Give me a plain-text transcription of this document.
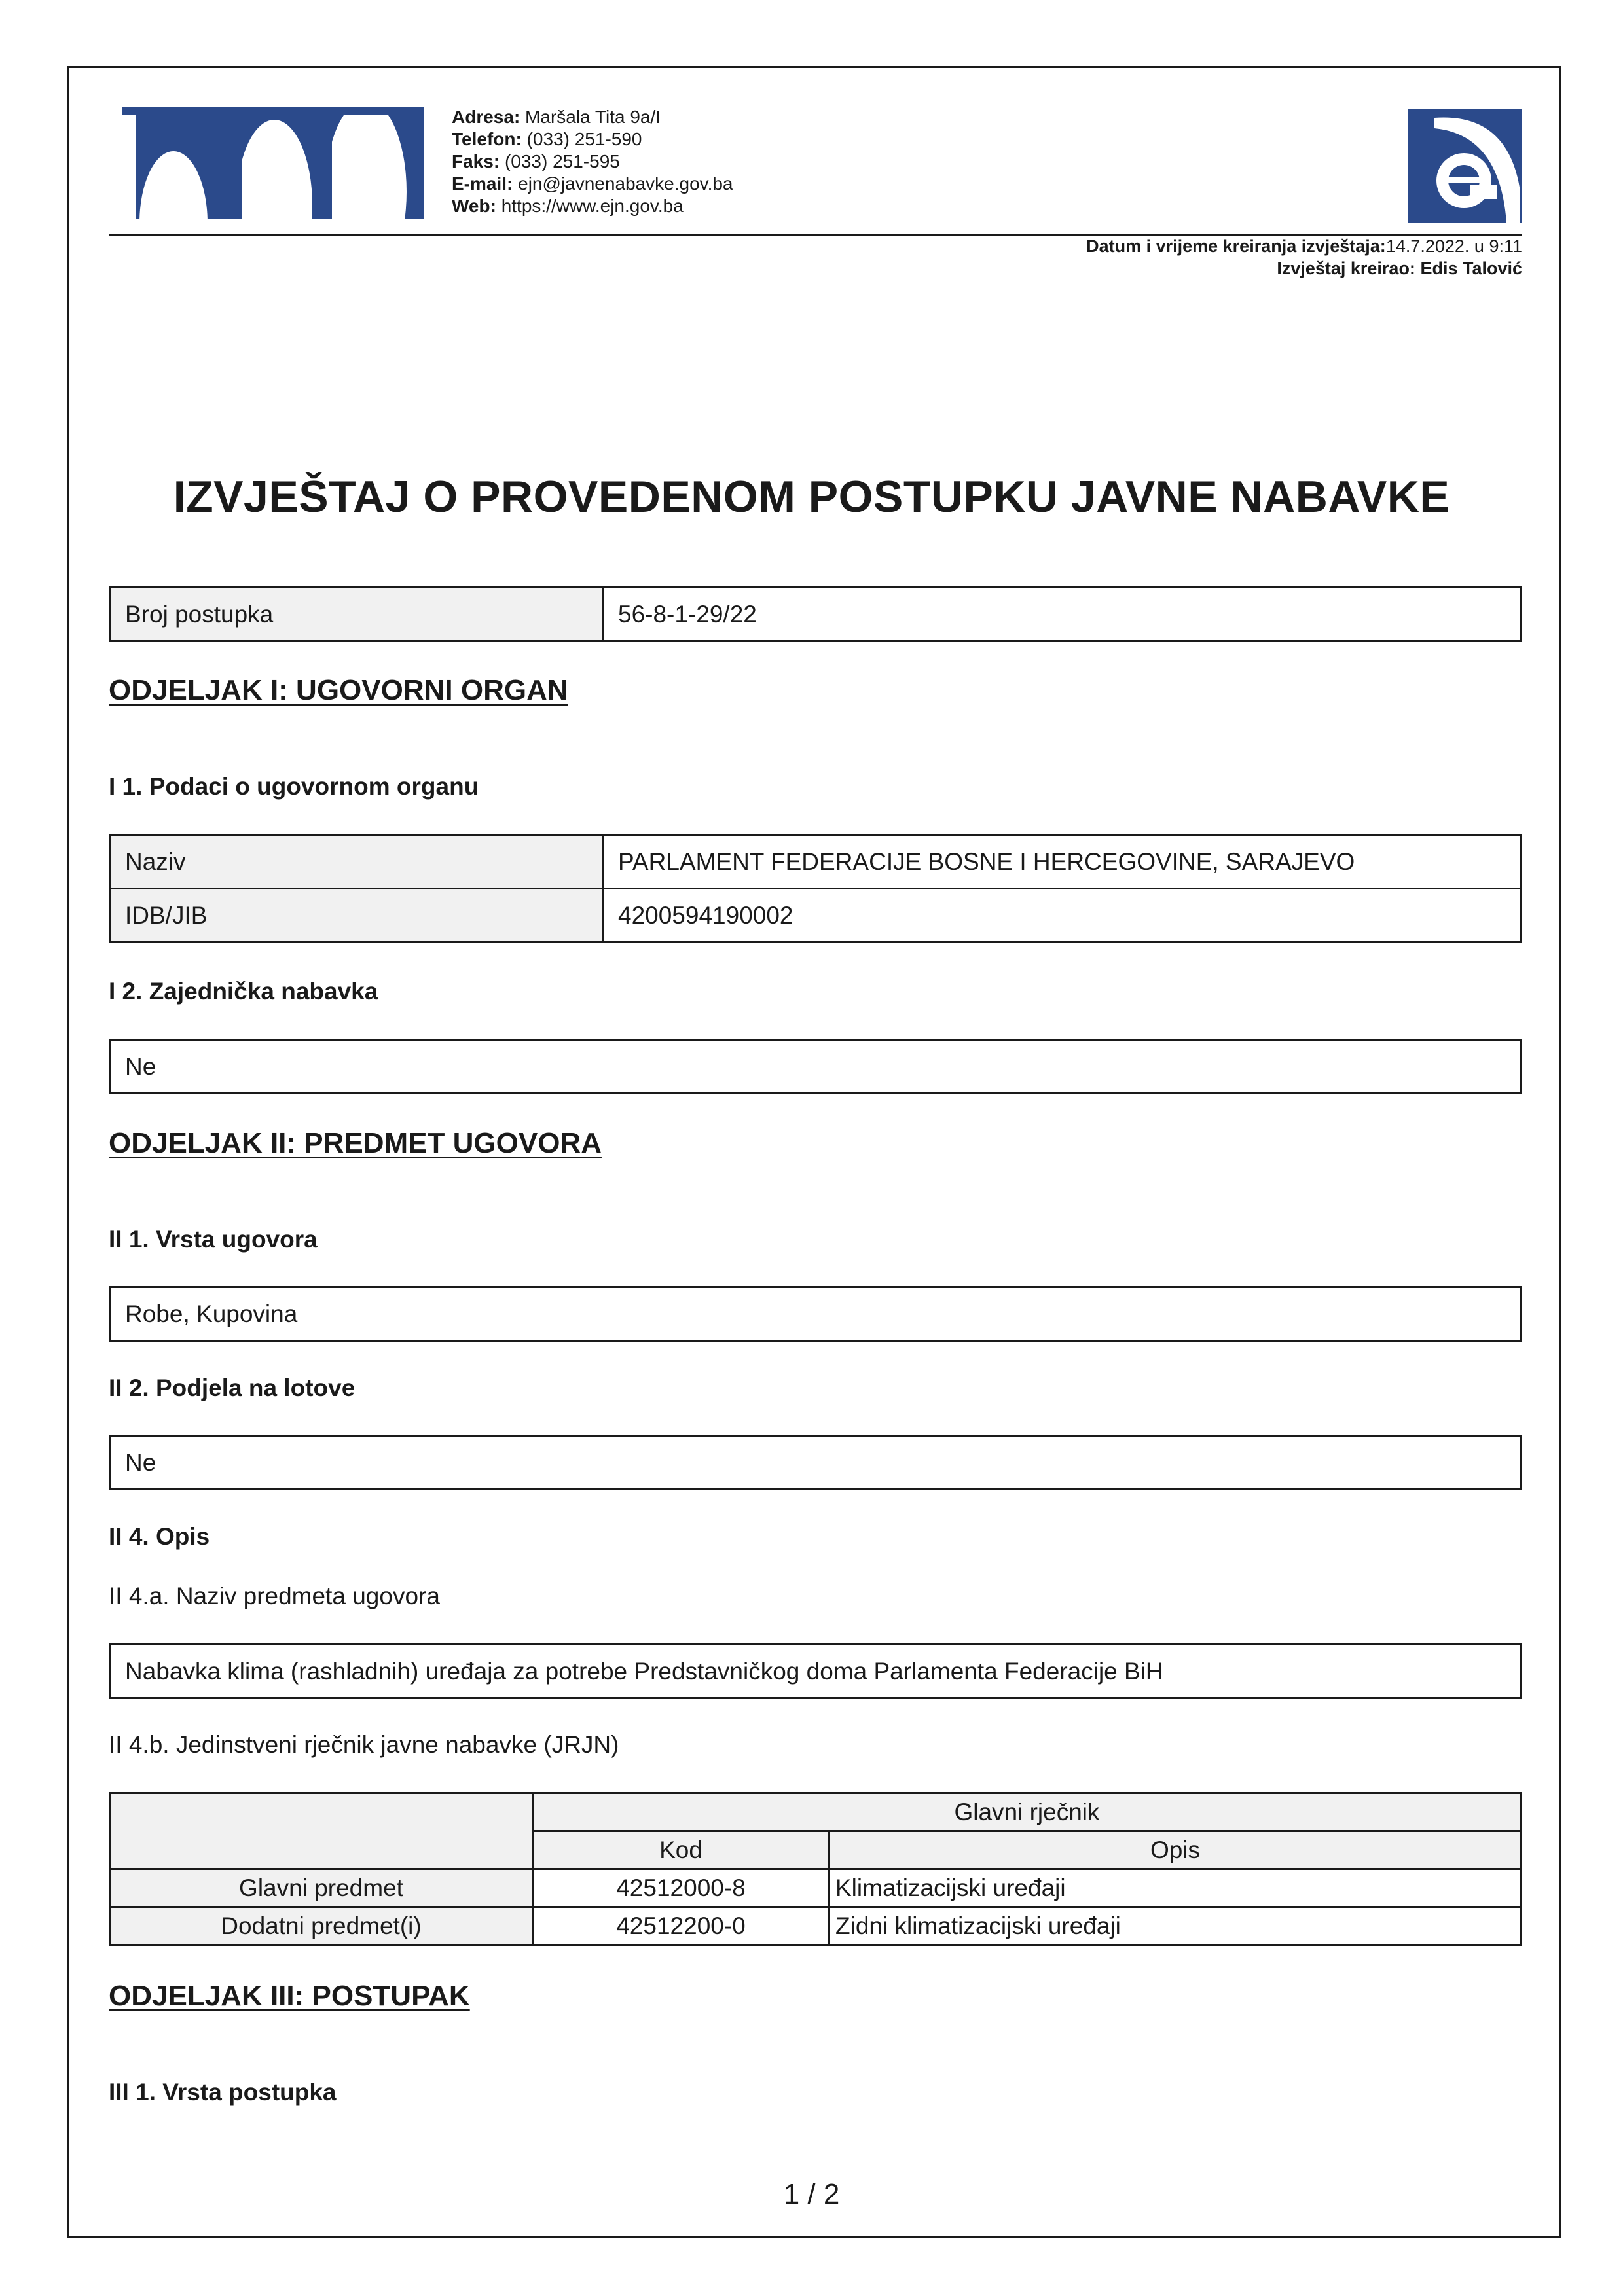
Adresa: Maršala Tita 9a/I
Telefon: (033) 251-590
Faks: (033) 251-595
E-mail: ejn@javnenabavke.gov.ba
Web: https://www.ejn.gov.ba
Datum i vrijeme kreiranja izvještaja:14.7.2022. u 9:11
Izvještaj kreirao: Edis Talović
IZVJEŠTAJ O PROVEDENOM POSTUPKU JAVNE NABAVKE
Broj postupka	56-8-1-29/22
ODJELJAK I: UGOVORNI ORGAN
I 1. Podaci o ugovornom organu
Naziv	PARLAMENT FEDERACIJE BOSNE I HERCEGOVINE, SARAJEVO
IDB/JIB	4200594190002
I 2. Zajednička nabavka
Ne
ODJELJAK II: PREDMET UGOVORA
II 1. Vrsta ugovora
Robe, Kupovina
II 2. Podjela na lotove
Ne
II 4. Opis
II 4.a. Naziv predmeta ugovora
Nabavka klima (rashladnih) uređaja za potrebe Predstavničkog doma Parlamenta Federacije BiH
II 4.b. Jedinstveni rječnik javne nabavke (JRJN)
	Glavni rječnik	
	Kod	Opis
Glavni predmet	42512000-8	Klimatizacijski uređaji
Dodatni predmet(i)	42512200-0	Zidni klimatizacijski uređaji
ODJELJAK III: POSTUPAK
III 1. Vrsta postupka
1 / 2
